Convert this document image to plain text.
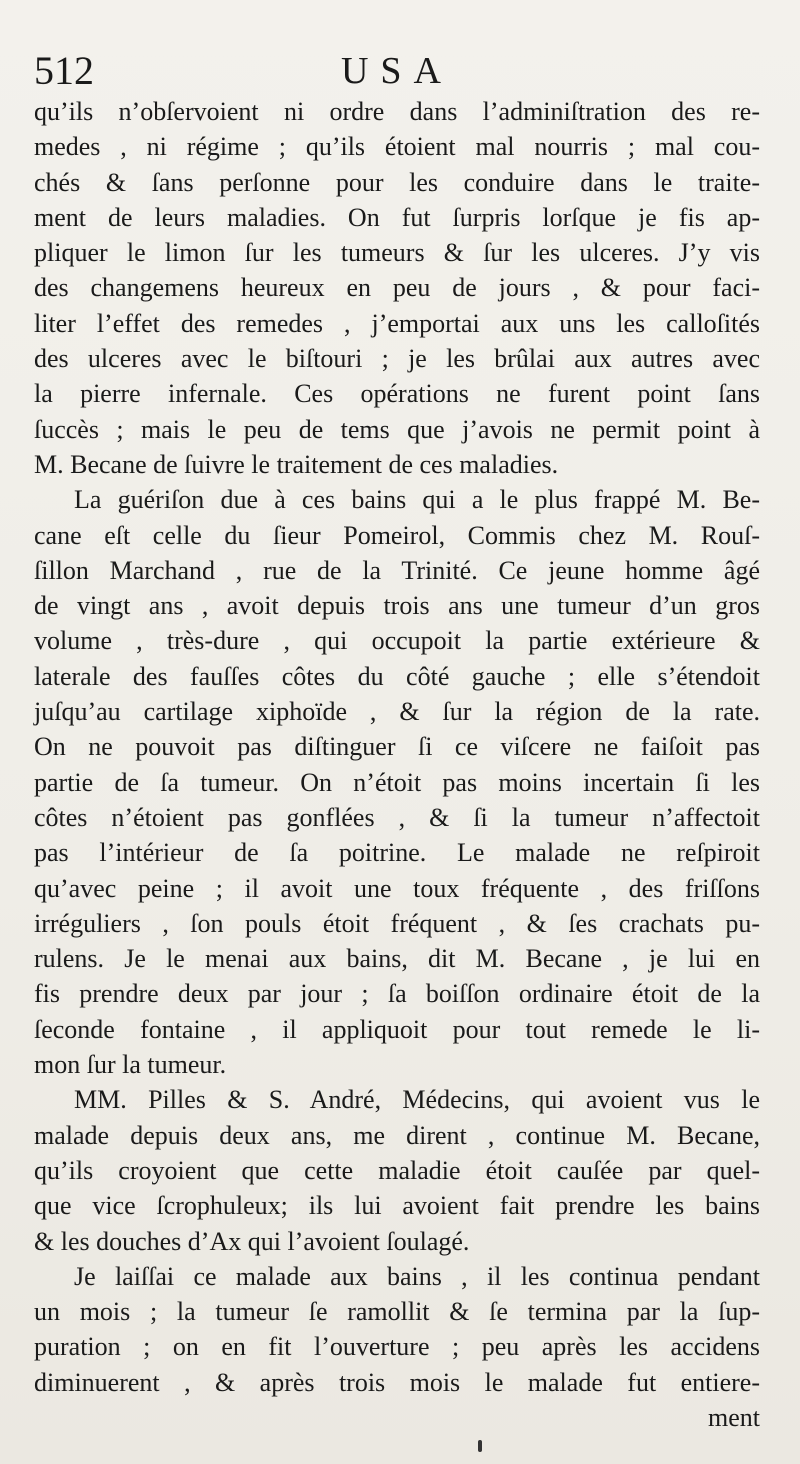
512	USA
qu’ils n’obſervoient ni ordre dans l’adminiſtration des re-
medes , ni régime ; qu’ils étoient mal nourris ; mal cou-
chés & ſans perſonne pour les conduire dans le traite-
ment de leurs maladies. On fut ſurpris lorſque je fis ap-
pliquer le limon ſur les tumeurs & ſur les ulceres. J’y vis
des changemens heureux en peu de jours , & pour faci-
liter l’effet des remedes , j’emportai aux uns les calloſités
des ulceres avec le biſtouri ; je les brûlai aux autres avec
la pierre infernale. Ces opérations ne furent point ſans
ſuccès ; mais le peu de tems que j’avois ne permit point à
M. Becane de ſuivre le traitement de ces maladies.
La guériſon due à ces bains qui a le plus frappé M. Be-
cane eſt celle du ſieur Pomeirol, Commis chez M. Rouſ-
ſillon Marchand , rue de la Trinité. Ce jeune homme âgé
de vingt ans , avoit depuis trois ans une tumeur d’un gros
volume , très-dure , qui occupoit la partie extérieure &
laterale des fauſſes côtes du côté gauche ; elle s’étendoit
juſqu’au cartilage xiphoïde , & ſur la région de la rate.
On ne pouvoit pas diſtinguer ſi ce viſcere ne faiſoit pas
partie de ſa tumeur. On n’étoit pas moins incertain ſi les
côtes n’étoient pas gonflées , & ſi la tumeur n’affectoit
pas l’intérieur de ſa poitrine. Le malade ne reſpiroit
qu’avec peine ; il avoit une toux fréquente , des friſſons
irréguliers , ſon pouls étoit fréquent , & ſes crachats pu-
rulens. Je le menai aux bains, dit M. Becane , je lui en
fis prendre deux par jour ; ſa boiſſon ordinaire étoit de la
ſeconde fontaine , il appliquoit pour tout remede le li-
mon ſur la tumeur.
MM. Pilles & S. André, Médecins, qui avoient vus le
malade depuis deux ans, me dirent , continue M. Becane,
qu’ils croyoient que cette maladie étoit cauſée par quel-
que vice ſcrophuleux; ils lui avoient fait prendre les bains
& les douches d’Ax qui l’avoient ſoulagé.
Je laiſſai ce malade aux bains , il les continua pendant
un mois ; la tumeur ſe ramollit & ſe termina par la ſup-
puration ; on en fit l’ouverture ; peu après les accidens
diminuerent , & après trois mois le malade fut entiere-
ment
